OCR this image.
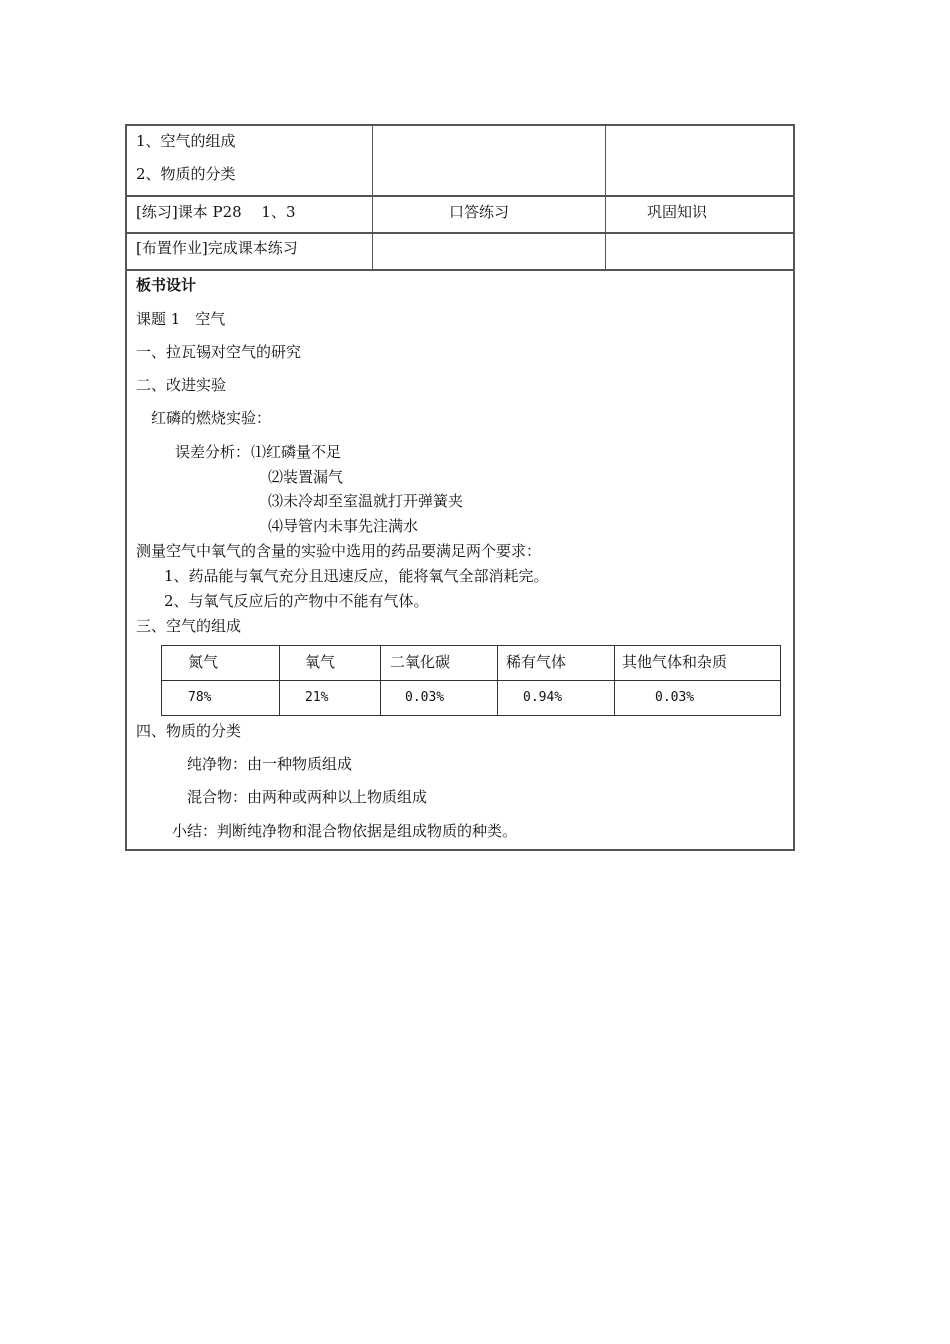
1、空气的组成
2、物质的分类
[练习]课本 P28　 1、3	口答练习	巩固知识
[布置作业]完成课本练习
板书设计
课题 1　空气
一、拉瓦锡对空气的研究
二、改进实验
红磷的燃烧实验：
误差分析： ⑴红磷量不足
⑵装置漏气
⑶未冷却至室温就打开弹簧夹
⑷导管内未事先注满水
测量空气中氧气的含量的实验中选用的药品要满足两个要求：
1、药品能与氧气充分且迅速反应，能将氧气全部消耗完。
2、与氧气反应后的产物中不能有气体。
三、空气的组成
氮气	氧气	二氧化碳	稀有气体	其他气体和杂质
78%	21%	0.03%	0.94%	0.03%
四、物质的分类
纯净物：由一种物质组成
混合物：由两种或两种以上物质组成
小结：判断纯净物和混合物依据是组成物质的种类。
